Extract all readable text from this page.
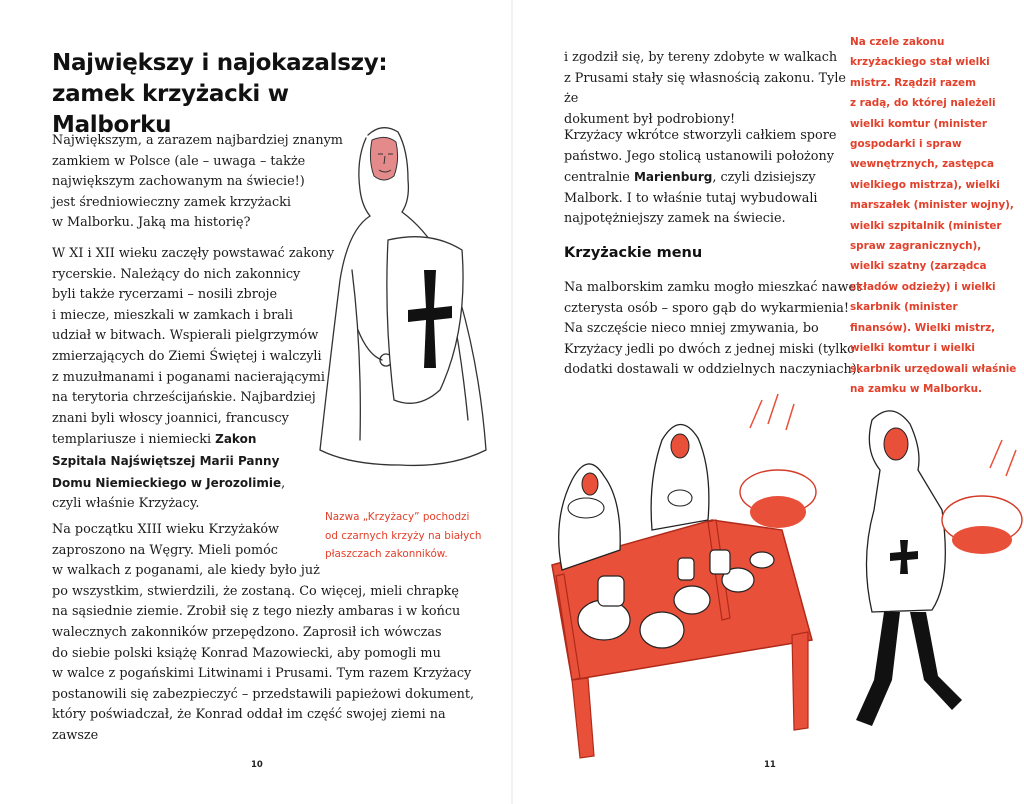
Największy i najokazalszy:
zamek krzyżacki w Malborku
Największym, a zarazem najbardziej znanym
zamkiem w Polsce (ale – uwaga – także
największym zachowanym na świecie!)
jest średniowieczny zamek krzyżacki
w Malborku. Jaką ma historię?
W XI i XII wieku zaczęły powstawać zakony
rycerskie. Należący do nich zakonnicy
byli także rycerzami – nosili zbroje
i miecze, mieszkali w zamkach i brali
udział w bitwach. Wspierali pielgrzymów
zmierzających do Ziemi Świętej i walczyli
z muzułmanami i poganami nacierającymi
na terytoria chrześcijańskie. Najbardziej
znani byli włoscy joannici, francuscy
templariusze i niemiecki Zakon
Szpitala Najświętszej Marii Panny
Domu Niemieckiego w Jerozolimie,
czyli właśnie Krzyżacy.
Na początku XIII wieku Krzyżaków
zaproszono na Węgry. Mieli pomóc
w walkach z poganami, ale kiedy było już
po wszystkim, stwierdzili, że zostaną. Co więcej, mieli chrapkę
na sąsiednie ziemie. Zrobił się z tego niezły ambaras i w końcu
walecznych zakonników przepędzono. Zaprosił ich wówczas
do siebie polski książę Konrad Mazowiecki, aby pomogli mu
w walce z pogańskimi Litwinami i Prusami. Tym razem Krzyżacy
postanowili się zabezpieczyć – przedstawili papieżowi dokument,
który poświadczał, że Konrad oddał im część swojej ziemi na zawsze
Nazwa „Krzyżacy” pochodzi
od czarnych krzyży na białych
płaszczach zakonników.
10
i zgodził się, by tereny zdobyte w walkach
z Prusami stały się własnością zakonu. Tyle że
dokument był podrobiony!
Krzyżacy wkrótce stworzyli całkiem spore
państwo. Jego stolicą ustanowili położony
centralnie Marienburg, czyli dzisiejszy
Malbork. I to właśnie tutaj wybudowali
najpotężniejszy zamek na świecie.
Krzyżackie menu
Na malborskim zamku mogło mieszkać nawet
czterysta osób – sporo gąb do wykarmienia!
Na szczęście nieco mniej zmywania, bo
Krzyżacy jedli po dwóch z jednej miski (tylko
dodatki dostawali w oddzielnych naczyniach).
Na czele zakonu
krzyżackiego stał wielki
mistrz. Rządził razem
z radą, do której należeli
wielki komtur (minister
gospodarki i spraw
wewnętrznych, zastępca
wielkiego mistrza), wielki
marszałek (minister wojny),
wielki szpitalnik (minister
spraw zagranicznych),
wielki szatny (zarządca
składów odzieży) i wielki
skarbnik (minister
finansów). Wielki mistrz,
wielki komtur i wielki
skarbnik urzędowali właśnie
na zamku w Malborku.
11
